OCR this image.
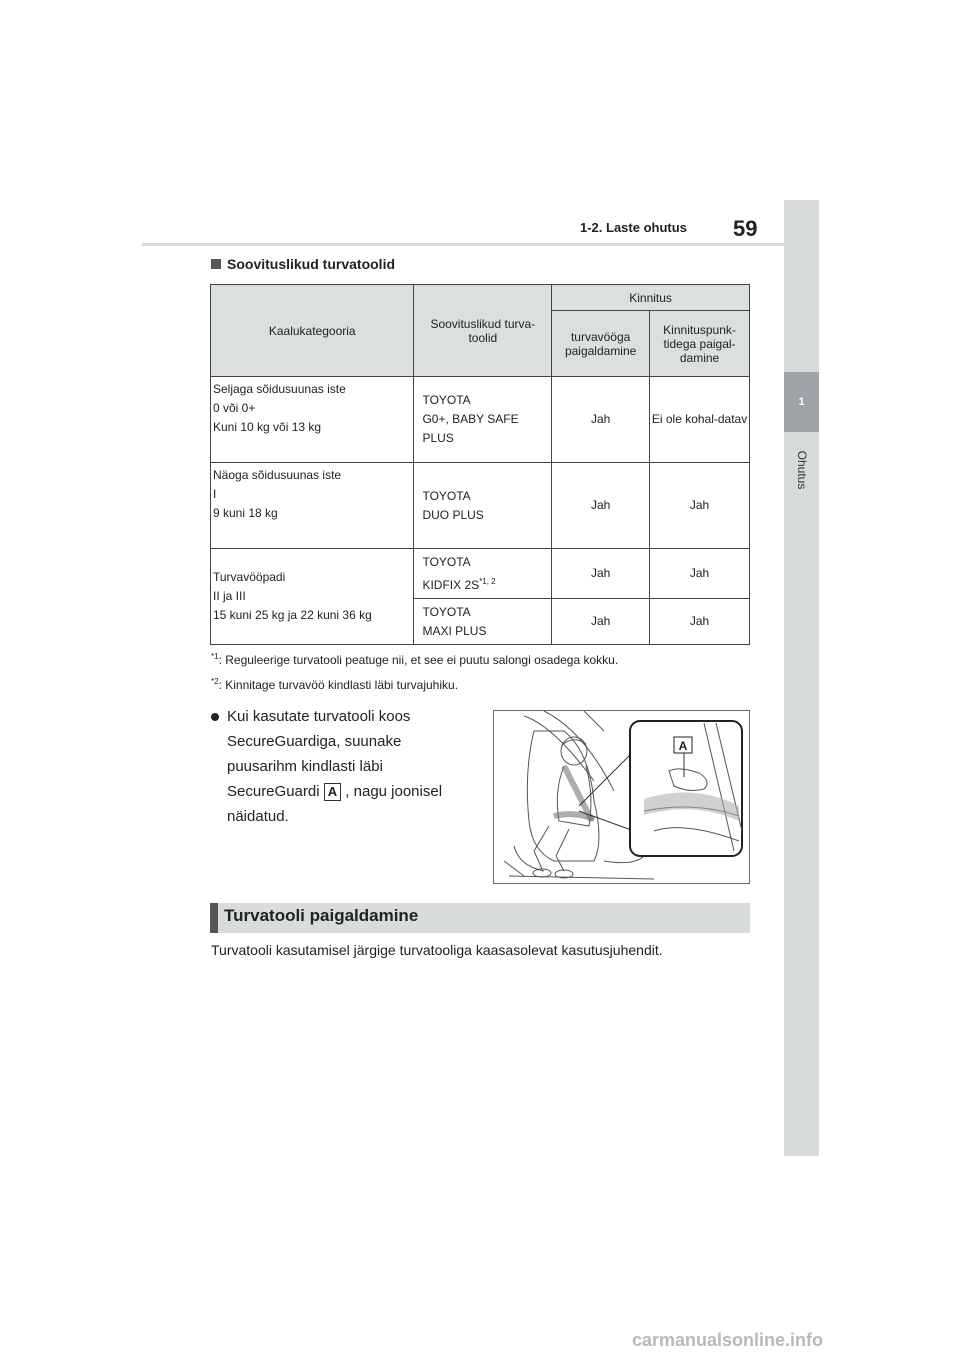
1-2. Laste ohutus 59
1
Ohutus
Soovituslikud turvatoolid
Kaalukategooria	Soovituslikud turva-toolid	Kinnitus	
		turvavööga paigaldamine	Kinnituspunk-tidega paigal-damine

Seljaga sõidusuunas iste
0 või 0+
Kuni 10 kg või 13 kg	TOYOTA
G0+, BABY SAFE
PLUS	Jah	Ei ole kohal-datav

Näoga sõidusuunas iste
I
9 kuni 18 kg	TOYOTA
DUO PLUS	Jah	Jah

Turvavööpadi
II ja III
15 kuni 25 kg ja 22 kuni 36 kg	TOYOTA
KIDFIX $2S^{*1, 2}$	Jah	Jah
	TOYOTA
MAXI PLUS	Jah	Jah
$^{*1}$: Reguleerige turvatooli peatuge nii, et see ei puutu salongi osadega kokku.
$^{*2}$: Kinnitage turvavöö kindlasti läbi turvajuhiku.
Kui kasutate turvatooli koos
SecureGuardiga, suunake
puusarihm kindlasti läbi
SecureGuardi A , nagu joonisel
näidatud.
A
Turvatooli paigaldamine
Turvatooli kasutamisel järgige turvatooliga kaasasolevat kasutusjuhendit.
carmanualsonline.info
